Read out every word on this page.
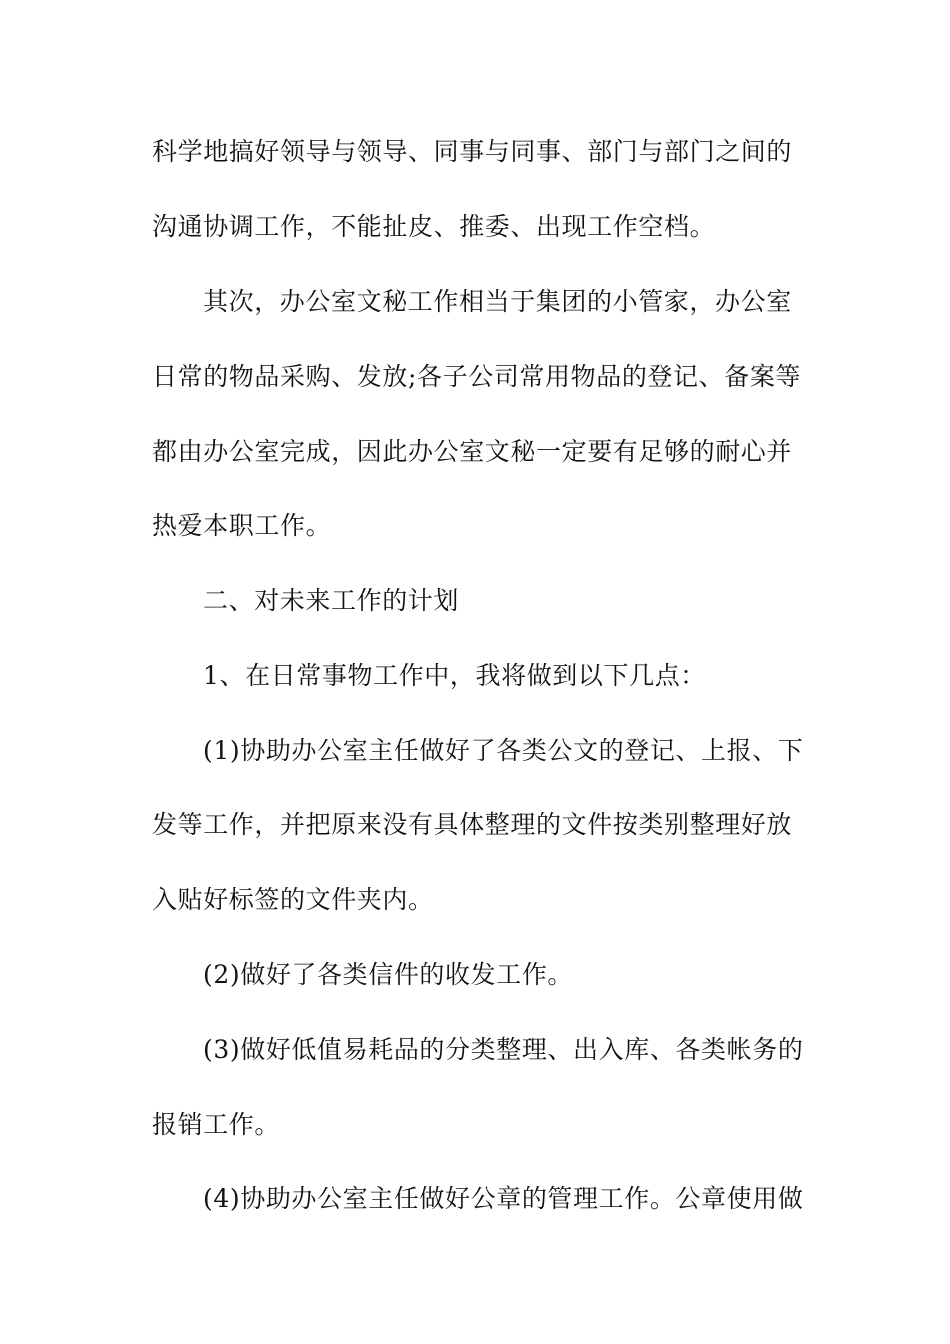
科学地搞好领导与领导、同事与同事、部门与部门之间的
沟通协调工作，不能扯皮、推委、出现工作空档。
其次，办公室文秘工作相当于集团的小管家，办公室
日常的物品采购、发放;各子公司常用物品的登记、备案等
都由办公室完成，因此办公室文秘一定要有足够的耐心并
热爱本职工作。
二、对未来工作的计划
1、在日常事物工作中，我将做到以下几点：
(1)协助办公室主任做好了各类公文的登记、上报、下
发等工作，并把原来没有具体整理的文件按类别整理好放
入贴好标签的文件夹内。
(2)做好了各类信件的收发工作。
(3)做好低值易耗品的分类整理、出入库、各类帐务的
报销工作。
(4)协助办公室主任做好公章的管理工作。公章使用做
